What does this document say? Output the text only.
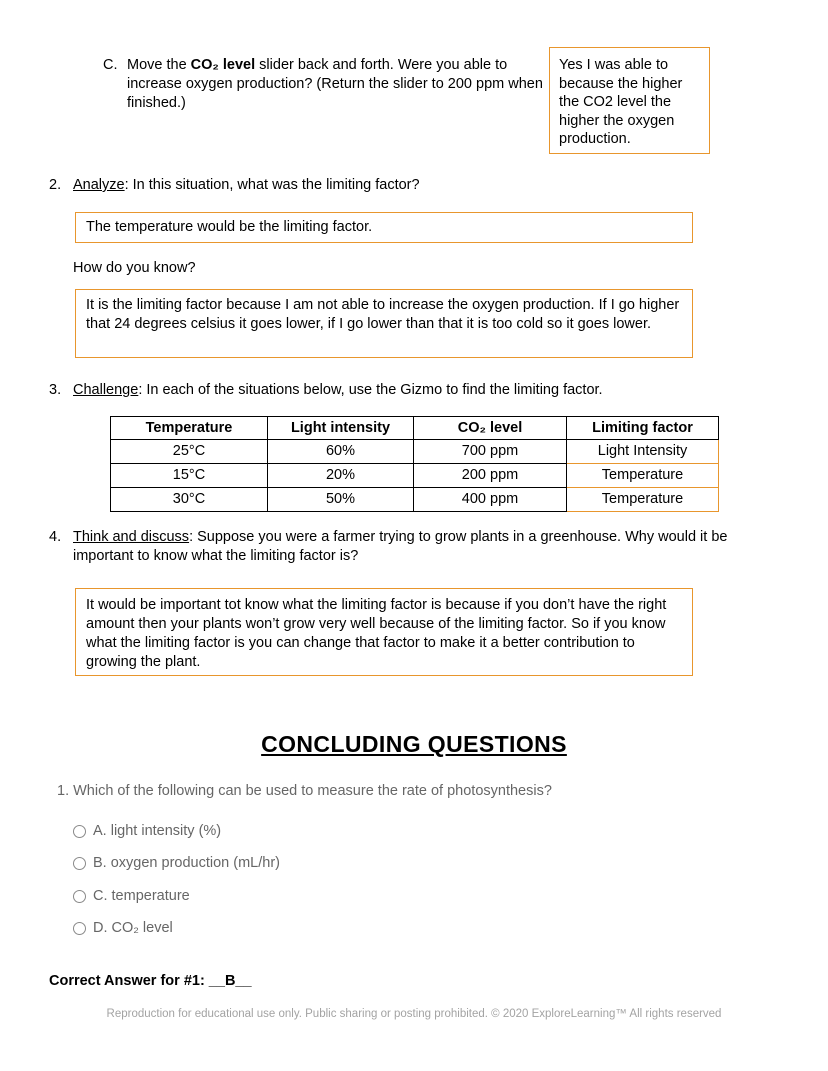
C. Move the CO₂ level slider back and forth. Were you able to increase oxygen production? (Return the slider to 200 ppm when finished.)
Yes I was able to because the higher the CO2 level the higher the oxygen production.
2. Analyze: In this situation, what was the limiting factor?
The temperature would be the limiting factor.
How do you know?
It is the limiting factor because I am not able to increase the oxygen production. If I go higher that 24 degrees celsius it goes lower, if I go lower than that it is too cold so it goes lower.
3. Challenge: In each of the situations below, use the Gizmo to find the limiting factor.
Temperature	Light intensity	CO₂ level	Limiting factor
25°C	60%	700 ppm	Light Intensity
15°C	20%	200 ppm	Temperature
30°C	50%	400 ppm	Temperature
4. Think and discuss: Suppose you were a farmer trying to grow plants in a greenhouse. Why would it be important to know what the limiting factor is?
It would be important tot know what the limiting factor is because if you don’t have the right amount then your plants won’t grow very well because of the limiting factor. So if you know what the limiting factor is you can change that factor to make it a better contribution to growing the plant.
CONCLUDING QUESTIONS
1. Which of the following can be used to measure the rate of photosynthesis?
A. light intensity (%)
B. oxygen production (mL/hr)
C. temperature
D. CO₂ level
Correct Answer for #1: __B__
Reproduction for educational use only. Public sharing or posting prohibited. © 2020 ExploreLearning™ All rights reserved
